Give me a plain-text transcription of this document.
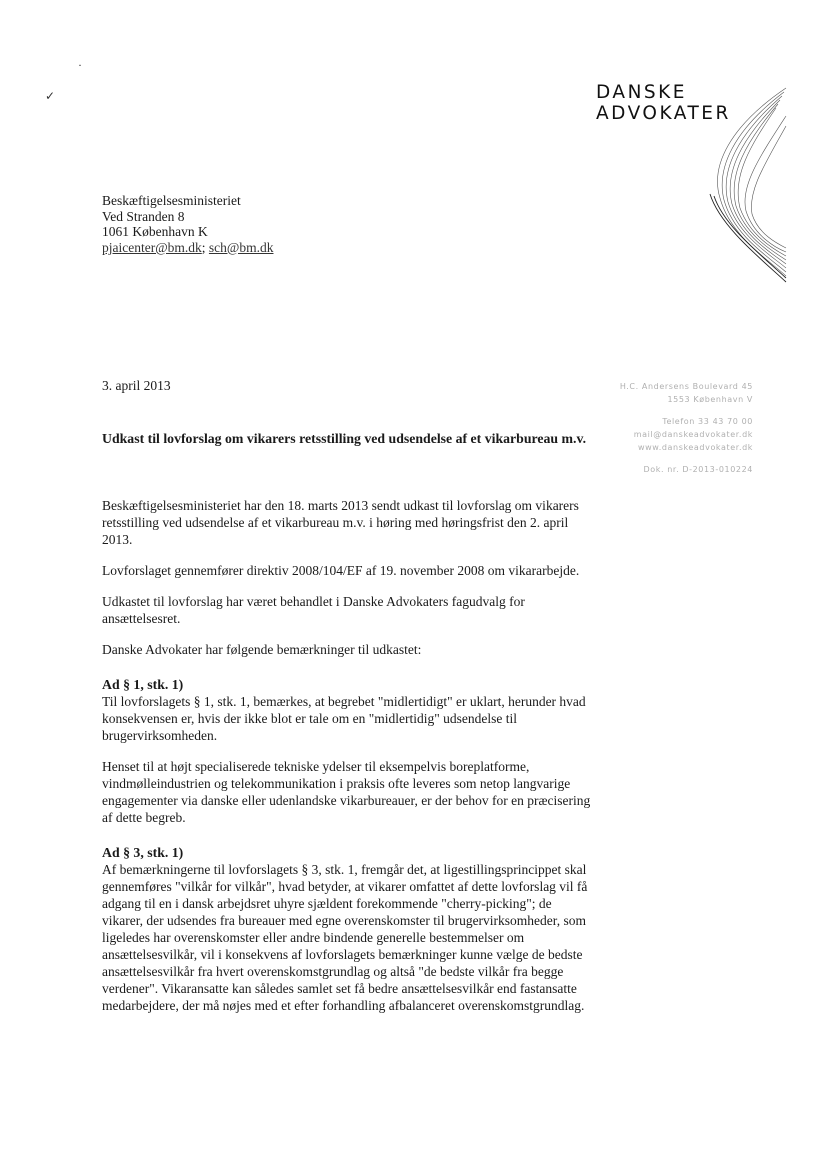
·
✓	DANSKE
ADVOKATER
Beskæftigelsesministeriet
Ved Stranden 8
1061 København K
pjaicenter@bm.dk; sch@bm.dk
H.C. Andersens Boulevard 45
1553 København V
Telefon 33 43 70 00
mail@danskeadvokater.dk
www.danskeadvokater.dk
Dok. nr. D-2013-010224
3. april 2013
Udkast til lovforslag om vikarers retsstilling ved udsendelse af et vikarbureau m.v.

Beskæftigelsesministeriet har den 18. marts 2013 sendt udkast til lovforslag om vikarers retsstilling ved udsendelse af et vikarbureau m.v. i høring med høringsfrist den 2. april 2013.

Lovforslaget gennemfører direktiv 2008/104/EF af 19. november 2008 om vikararbejde.

Udkastet til lovforslag har været behandlet i Danske Advokaters fagudvalg for ansættelsesret.

Danske Advokater har følgende bemærkninger til udkastet:

Ad § 1, stk. 1)

Til lovforslagets § 1, stk. 1, bemærkes, at begrebet "midlertidigt" er uklart, herunder hvad konsekvensen er, hvis der ikke blot er tale om en "midlertidig" udsendelse til brugervirksomheden.

Henset til at højt specialiserede tekniske ydelser til eksempelvis boreplatforme, vindmølleindustrien og telekommunikation i praksis ofte leveres som netop langvarige engagementer via danske eller udenlandske vikarbureauer, er der behov for en præcisering af dette begreb.

Ad § 3, stk. 1)

Af bemærkningerne til lovforslagets § 3, stk. 1, fremgår det, at ligestillingsprincippet skal gennemføres "vilkår for vilkår", hvad betyder, at vikarer omfattet af dette lovforslag vil få adgang til en i dansk arbejdsret uhyre sjældent forekommende "cherry-picking"; de vikarer, der udsendes fra bureauer med egne overenskomster til brugervirksomheder, som ligeledes har overenskomster eller andre bindende generelle bestemmelser om ansættelsesvilkår, vil i konsekvens af lovforslagets bemærkninger kunne vælge de bedste ansættelsesvilkår fra hvert overenskomstgrundlag og altså "de bedste vilkår fra begge verdener". Vikaransatte kan således samlet set få bedre ansættelsesvilkår end fastansatte medarbejdere, der må nøjes med et efter forhandling afbalanceret overenskomstgrundlag.
